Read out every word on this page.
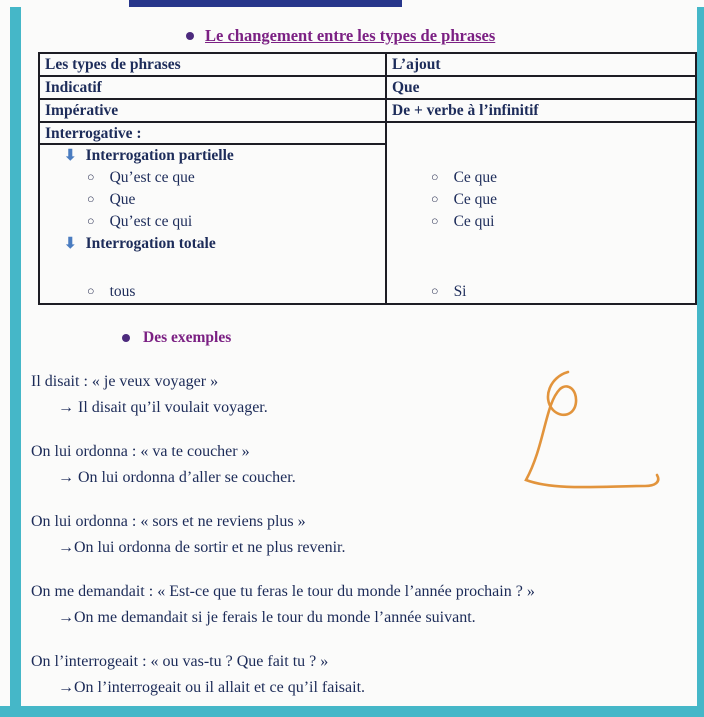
Le changement entre les types de phrases
Les types de phrases	L’ajout
Indicatif	Que
Impérative	De + verbe à l’infinitif
Interrogative :
⬇ Interrogation partielle
○ Qu’est ce que	○ Ce que
○ Que	○ Ce que
○ Qu’est ce qui	○ Ce qui
⬇ Interrogation totale
○ tous	○ Si
Des exemples
Il disait : « je veux voyager »
→ Il disait qu’il voulait voyager.
On lui ordonna : « va te coucher »
→ On lui ordonna d’aller se coucher.
On lui ordonna : « sors et ne reviens plus »
→On lui ordonna de sortir et ne plus revenir.
On me demandait : « Est-ce que tu feras le tour du monde l’année prochain ? »
→On me demandait si je ferais le tour du monde l’année suivant.
On l’interrogeait : « ou vas-tu ? Que fait tu ? »
→On l’interrogeait ou il allait et ce qu’il faisait.
